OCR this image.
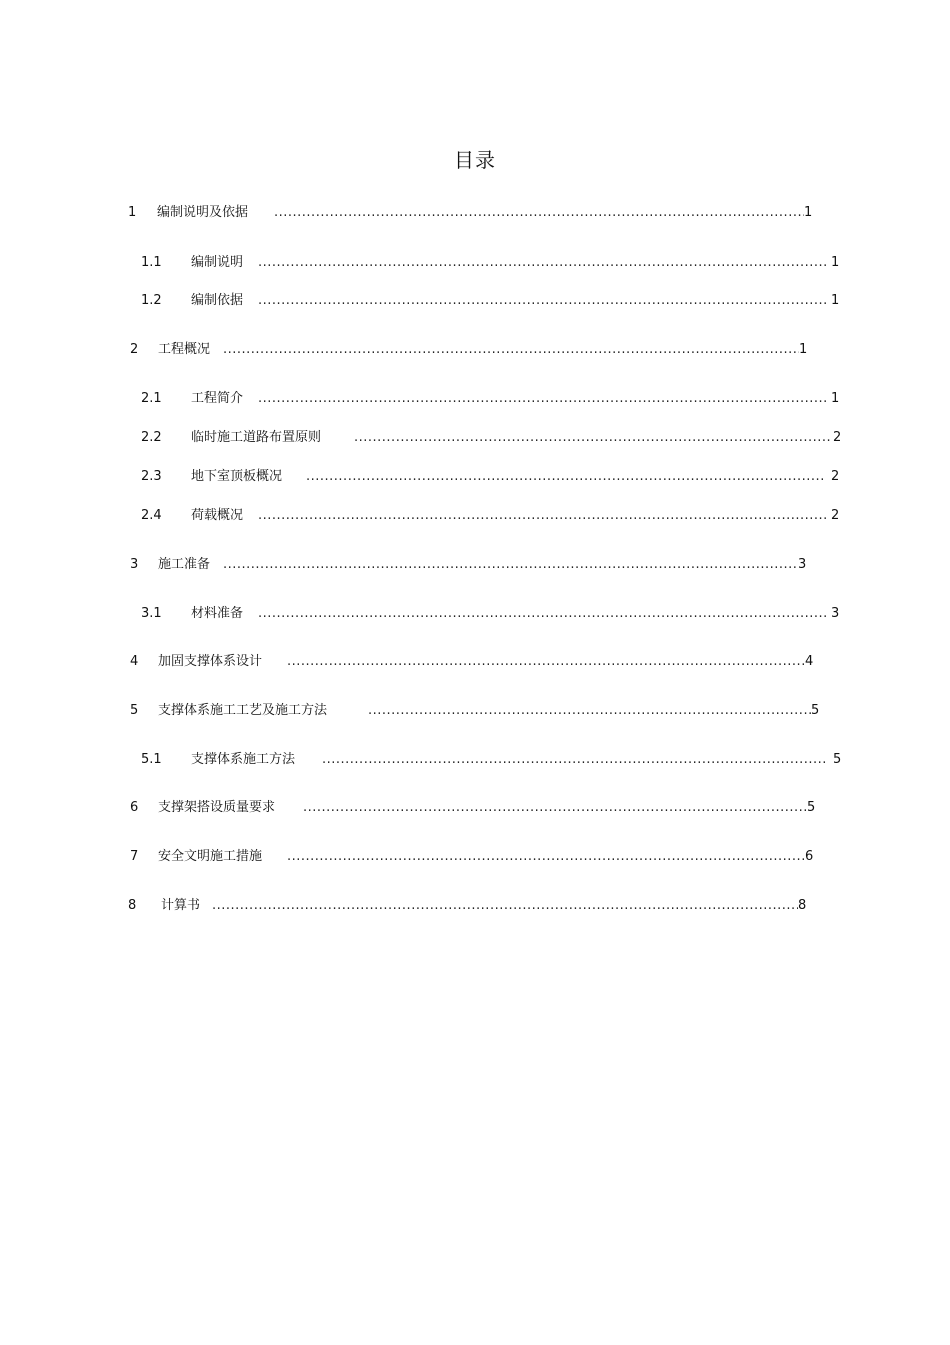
目录
1 编制说明及依据 .....	1
1.1 编制说明 .....	1
1.2 编制依据 .....	1
2 工程概况 .....	1
2.1 工程简介 .....	1
2.2 临时施工道路布置原则 .....	2
2.3 地下室顶板概况 .....	2
2.4 荷载概况 .....	2
3 施工准备 .....	3
3.1 材料准备 .....	3
4 加固支撑体系设计 .....	4
5 支撑体系施工工艺及施工方法 .....	5
5.1 支撑体系施工方法 .....	5
6 支撑架搭设质量要求 .....	5
7 安全文明施工措施 .....	6
8 计算书 .....	8
